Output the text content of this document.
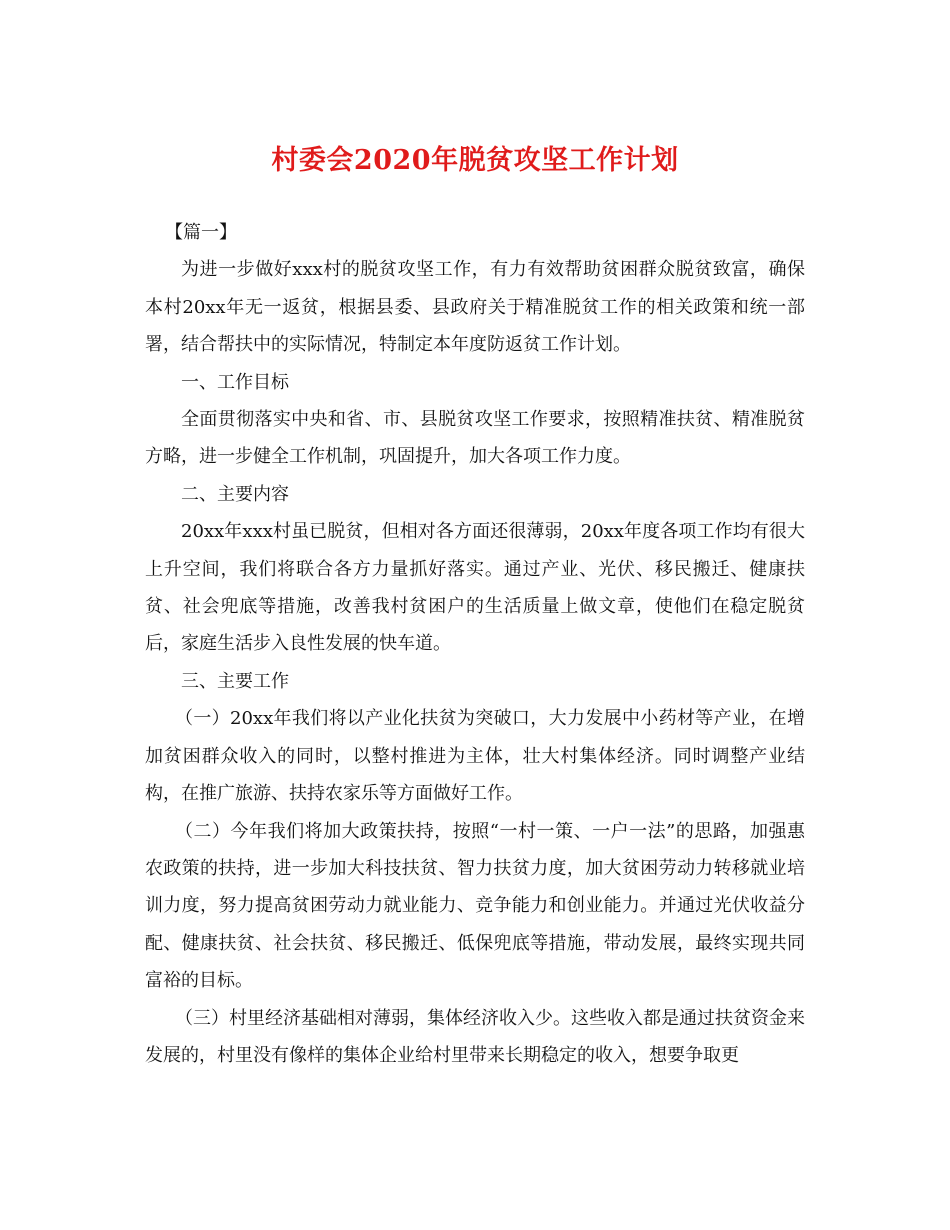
村委会2020年脱贫攻坚工作计划

【篇一】

为进一步做好xxx村的脱贫攻坚工作，有力有效帮助贫困群众脱贫致富，确保本村20xx年无一返贫，根据县委、县政府关于精准脱贫工作的相关政策和统一部署，结合帮扶中的实际情况，特制定本年度防返贫工作计划。

一、工作目标

全面贯彻落实中央和省、市、县脱贫攻坚工作要求，按照精准扶贫、精准脱贫方略，进一步健全工作机制，巩固提升，加大各项工作力度。

二、主要内容

20xx年xxx村虽已脱贫，但相对各方面还很薄弱，20xx年度各项工作均有很大上升空间，我们将联合各方力量抓好落实。通过产业、光伏、移民搬迁、健康扶贫、社会兜底等措施，改善我村贫困户的生活质量上做文章，使他们在稳定脱贫后，家庭生活步入良性发展的快车道。

三、主要工作

（一）20xx年我们将以产业化扶贫为突破口，大力发展中小药材等产业，在增加贫困群众收入的同时，以整村推进为主体，壮大村集体经济。同时调整产业结构，在推广旅游、扶持农家乐等方面做好工作。

（二）今年我们将加大政策扶持，按照“一村一策、一户一法”的思路，加强惠农政策的扶持，进一步加大科技扶贫、智力扶贫力度，加大贫困劳动力转移就业培训力度，努力提高贫困劳动力就业能力、竞争能力和创业能力。并通过光伏收益分配、健康扶贫、社会扶贫、移民搬迁、低保兜底等措施，带动发展，最终实现共同富裕的目标。

（三）村里经济基础相对薄弱，集体经济收入少。这些收入都是通过扶贫资金来发展的，村里没有像样的集体企业给村里带来长期稳定的收入，想要争取更
